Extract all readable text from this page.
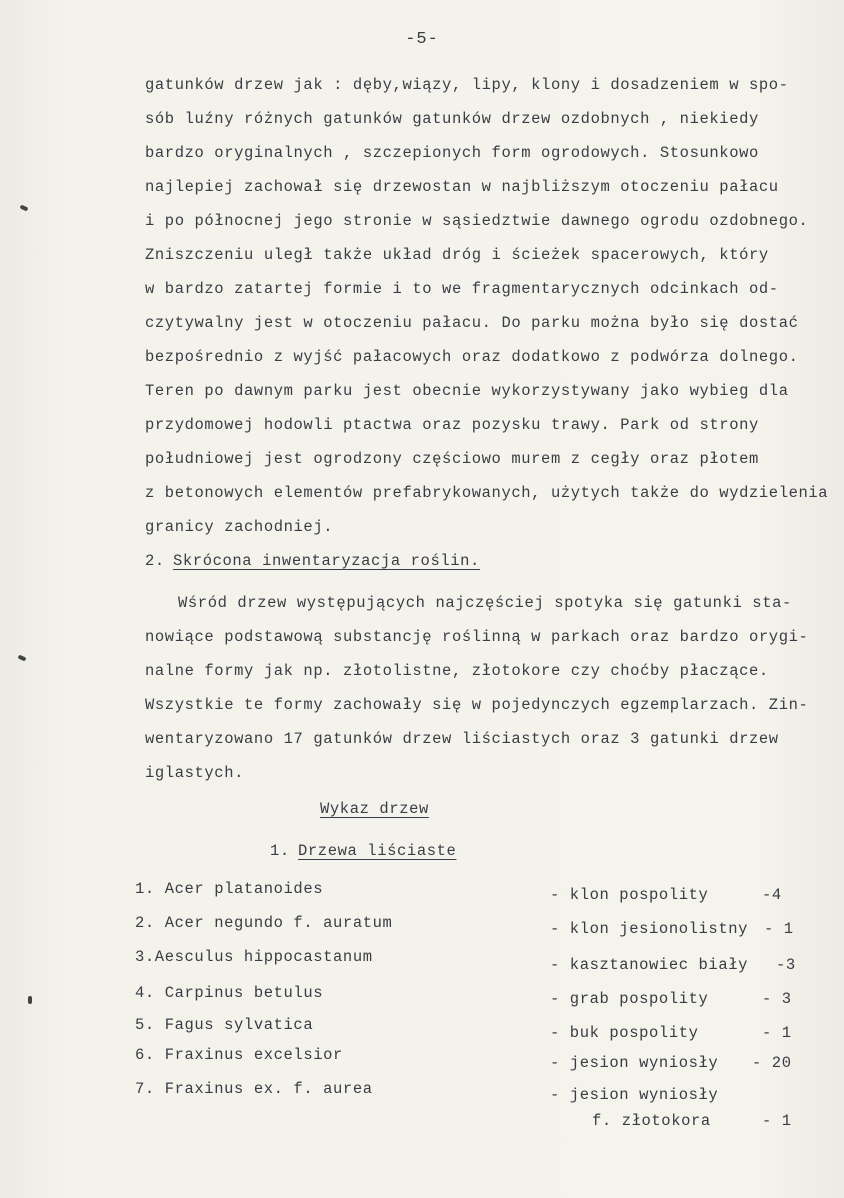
-5-
gatunków drzew jak : dęby,wiązy, lipy, klony i dosadzeniem w spo-
sób luźny różnych gatunków gatunków drzew ozdobnych , niekiedy
bardzo oryginalnych , szczepionych form ogrodowych. Stosunkowo
najlepiej zachował się drzewostan w najbliższym otoczeniu pałacu
i po północnej jego stronie w sąsiedztwie dawnego ogrodu ozdobnego.
Zniszczeniu uległ także układ dróg i ścieżek spacerowych, który
w bardzo zatartej formie i to we fragmentarycznych odcinkach od-
czytywalny jest w otoczeniu pałacu. Do parku można było się dostać
bezpośrednio z wyjść pałacowych oraz dodatkowo z podwórza dolnego.
Teren po dawnym parku jest obecnie wykorzystywany jako wybieg dla
przydomowej hodowli ptactwa oraz pozysku trawy. Park od strony
południowej jest ogrodzony częściowo murem z cegły oraz płotem
z betonowych elementów prefabrykowanych, użytych także do wydzielenia
granicy zachodniej.
2. Skrócona inwentaryzacja roślin.
Wśród drzew występujących najczęściej spotyka się gatunki sta-
nowiące podstawową substancję roślinną w parkach oraz bardzo orygi-
nalne formy jak np. złotolistne, złotokore czy choćby płaczące.
Wszystkie te formy zachowały się w pojedynczych egzemplarzach. Zin-
wentaryzowano 17 gatunków drzew liściastych oraz 3 gatunki drzew
iglastych.
Wykaz drzew
1. Drzewa liściaste
1. Acer platanoides	- klon pospolity	-4
2. Acer negundo f. auratum	- klon jesionolistny - 1
3.Aesculus hippocastanum	- kasztanowiec biały -3
4. Carpinus betulus	- grab pospolity	- 3
5. Fagus sylvatica	- buk pospolity	- 1
6. Fraxinus excelsior	- jesion wyniosły - 20
7. Fraxinus ex. f. aurea	- jesion wyniosły
f. złotokora	- 1
